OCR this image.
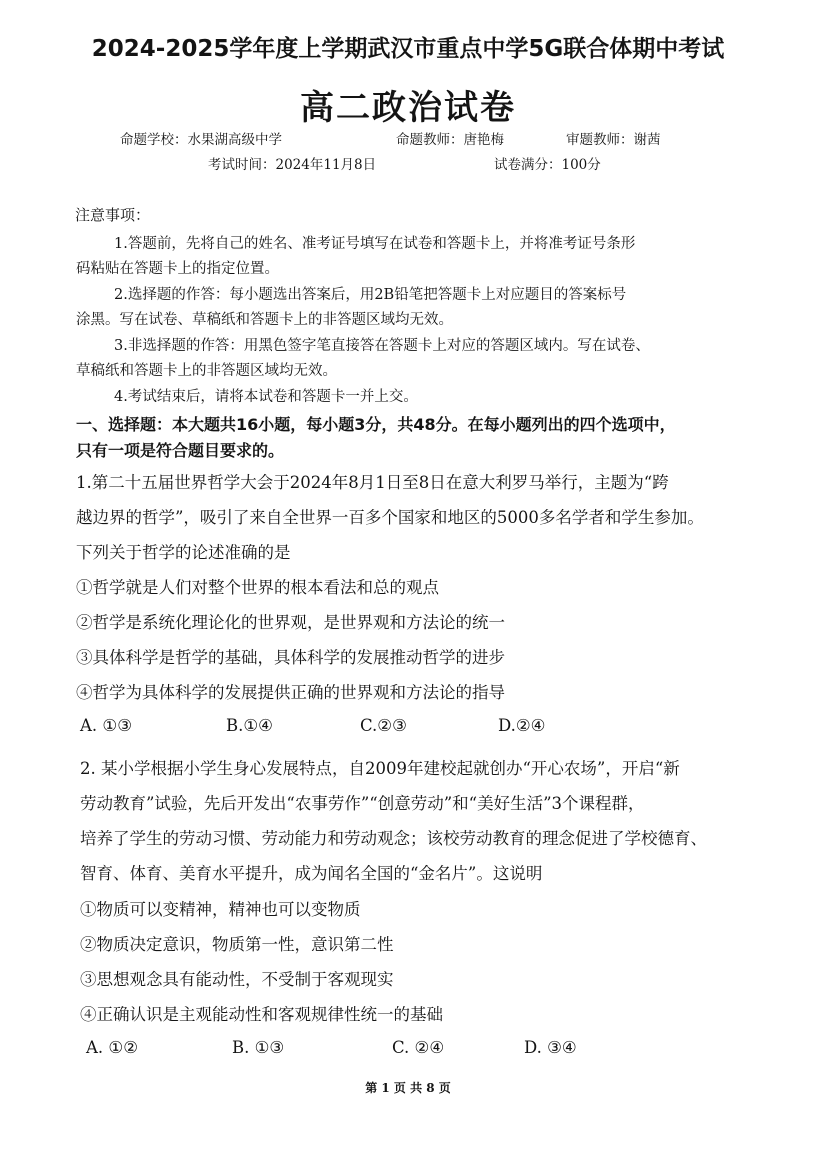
2024-2025学年度上学期武汉市重点中学5G联合体期中考试
高二政治试卷
命题学校：水果湖高级中学	命题教师：唐艳梅	审题教师：谢茜
考试时间：2024年11月8日	试卷满分：100分
注意事项：
1.答题前，先将自己的姓名、准考证号填写在试卷和答题卡上，并将准考证号条形
码粘贴在答题卡上的指定位置。
2.选择题的作答：每小题选出答案后，用2B铅笔把答题卡上对应题目的答案标号
涂黑。写在试卷、草稿纸和答题卡上的非答题区域均无效。
3.非选择题的作答：用黑色签字笔直接答在答题卡上对应的答题区域内。写在试卷、
草稿纸和答题卡上的非答题区域均无效。
4.考试结束后，请将本试卷和答题卡一并上交。
一、选择题：本大题共16小题，每小题3分，共48分。在每小题列出的四个选项中，
只有一项是符合题目要求的。
1.第二十五届世界哲学大会于2024年8月1日至8日在意大利罗马举行，主题为“跨
越边界的哲学”，吸引了来自全世界一百多个国家和地区的5000多名学者和学生参加。
下列关于哲学的论述准确的是
①哲学就是人们对整个世界的根本看法和总的观点
②哲学是系统化理论化的世界观，是世界观和方法论的统一
③具体科学是哲学的基础，具体科学的发展推动哲学的进步
④哲学为具体科学的发展提供正确的世界观和方法论的指导
A. ①③	B.①④	C.②③	D.②④
2. 某小学根据小学生身心发展特点，自2009年建校起就创办“开心农场”，开启“新
劳动教育”试验，先后开发出“农事劳作”“创意劳动”和“美好生活”3个课程群，
培养了学生的劳动习惯、劳动能力和劳动观念；该校劳动教育的理念促进了学校德育、
智育、体育、美育水平提升，成为闻名全国的“金名片”。这说明
①物质可以变精神，精神也可以变物质
②物质决定意识，物质第一性，意识第二性
③思想观念具有能动性，不受制于客观现实
④正确认识是主观能动性和客观规律性统一的基础
A. ①②	B. ①③	C. ②④	D. ③④
第 1 页 共 8 页
